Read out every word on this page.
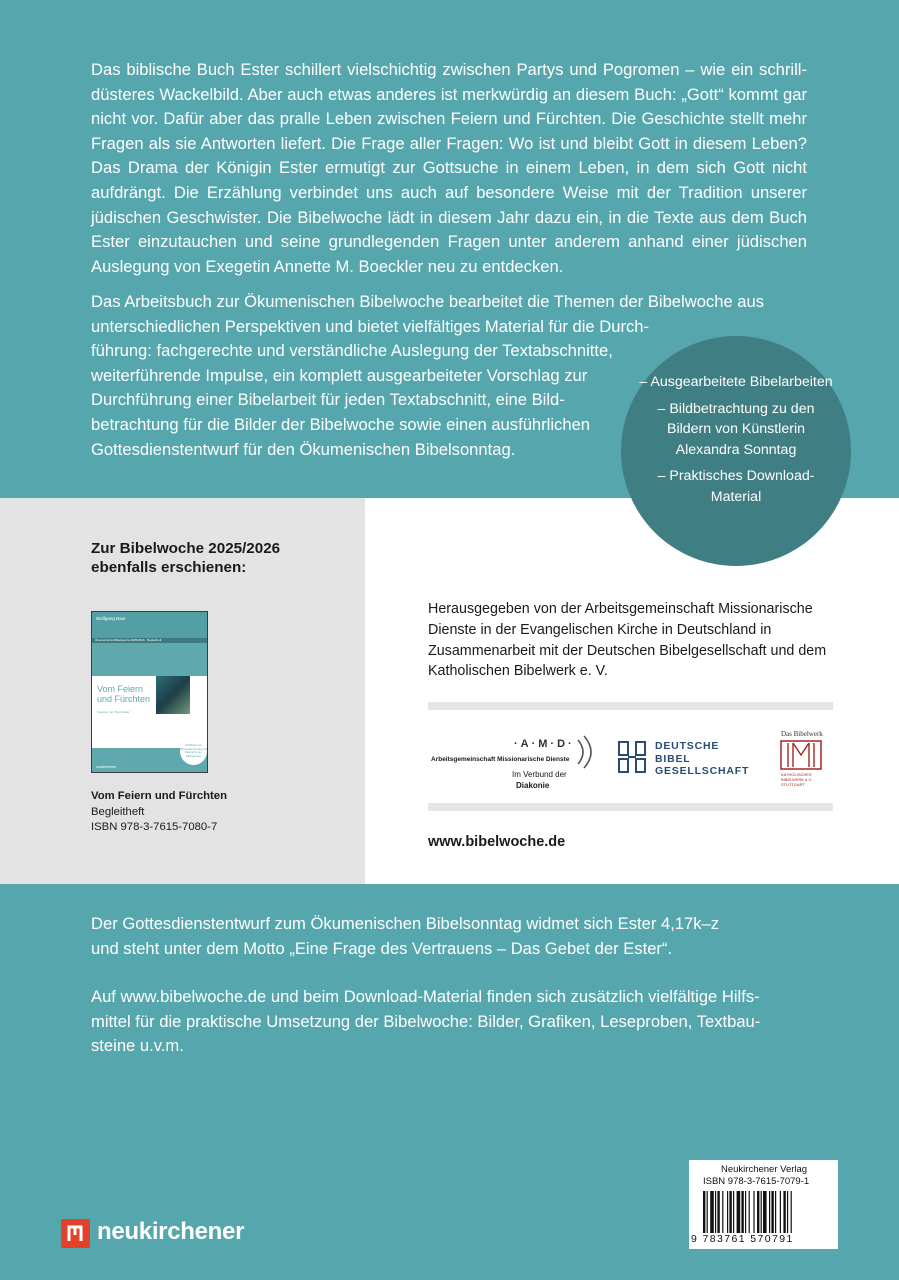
Das biblische Buch Ester schillert vielschichtig zwischen Partys und Pogromen – wie ein schrill-düsteres Wackelbild. Aber auch etwas anderes ist merkwürdig an diesem Buch: „Gott“ kommt gar nicht vor. Dafür aber das pralle Leben zwischen Feiern und Fürchten. Die Geschichte stellt mehr Fragen als sie Antworten liefert. Die Frage aller Fragen: Wo ist und bleibt Gott in diesem Leben? Das Drama der Königin Ester ermutigt zur Gottsuche in einem Leben, in dem sich Gott nicht aufdrängt. Die Erzählung verbindet uns auch auf besondere Weise mit der Tradition unserer jüdischen Geschwister. Die Bibelwoche lädt in diesem Jahr dazu ein, in die Texte aus dem Buch Ester einzutauchen und seine grundlegenden Fragen unter anderem anhand einer jüdischen Auslegung von Exegetin Annette M. Boeckler neu zu entdecken.

Das Arbeitsbuch zur Ökumenischen Bibelwoche bearbeitet die Themen der Bibelwoche aus
unterschiedlichen Perspektiven und bietet vielfältiges Material für die Durch-
führung: fachgerechte und verständliche Auslegung der Textabschnitte,
weiterführende Impulse, ein komplett ausgearbeiteter Vorschlag zur
Durchführung einer Bibelarbeit für jeden Textabschnitt, eine Bild-
betrachtung für die Bilder der Bibelwoche sowie einen ausführlichen
Gottesdienstentwurf für den Ökumenischen Bibelsonntag.
– Ausgearbeitete Bibelarbeiten
– Bildbetrachtung zu den Bildern von Künstlerin Alexandra Sonntag
– Praktisches Download-Material
Zur Bibelwoche 2025/2026
ebenfalls erschienen:
Wolfgang Baur
Ökumenische Bibelwoche 2025/2026 · Begleitheft
Vom Feiern und Fürchten
Impulse zum Buch Ester
Mit Bildern von Alexandra Sonntag und Material für den Bibelsonntag
neukirchener
Vom Feiern und Fürchten
Begleitheft
ISBN 978-3-7615-7080-7
Herausgegeben von der Arbeitsgemeinschaft Missionarische Dienste in der Evangelischen Kirche in Deutschland in Zusammenarbeit mit der Deutschen Bibelgesellschaft und dem Katholischen Bibelwerk e. V.
Arbeitsgemeinschaft Missionarische Dienste
·A·M·D·
Im Verbund der
Diakonie
DEUTSCHE
BIBEL
GESELLSCHAFT
Das Bibelwerk
KATHOLISCHES
BIBELWERK e.V.
STUTTGART
www.bibelwoche.de
Der Gottesdienstentwurf zum Ökumenischen Bibelsonntag widmet sich Ester 4,17k–z
und steht unter dem Motto „Eine Frage des Vertrauens – Das Gebet der Ester“.
Auf www.bibelwoche.de und beim Download-Material finden sich zusätzlich vielfältige Hilfs-
mittel für die praktische Umsetzung der Bibelwoche: Bilder, Grafiken, Leseproben, Textbau-
steine u.v.m.
neukirchener
Neukirchener Verlag
ISBN 978-3-7615-7079-1
9 783761 570791
